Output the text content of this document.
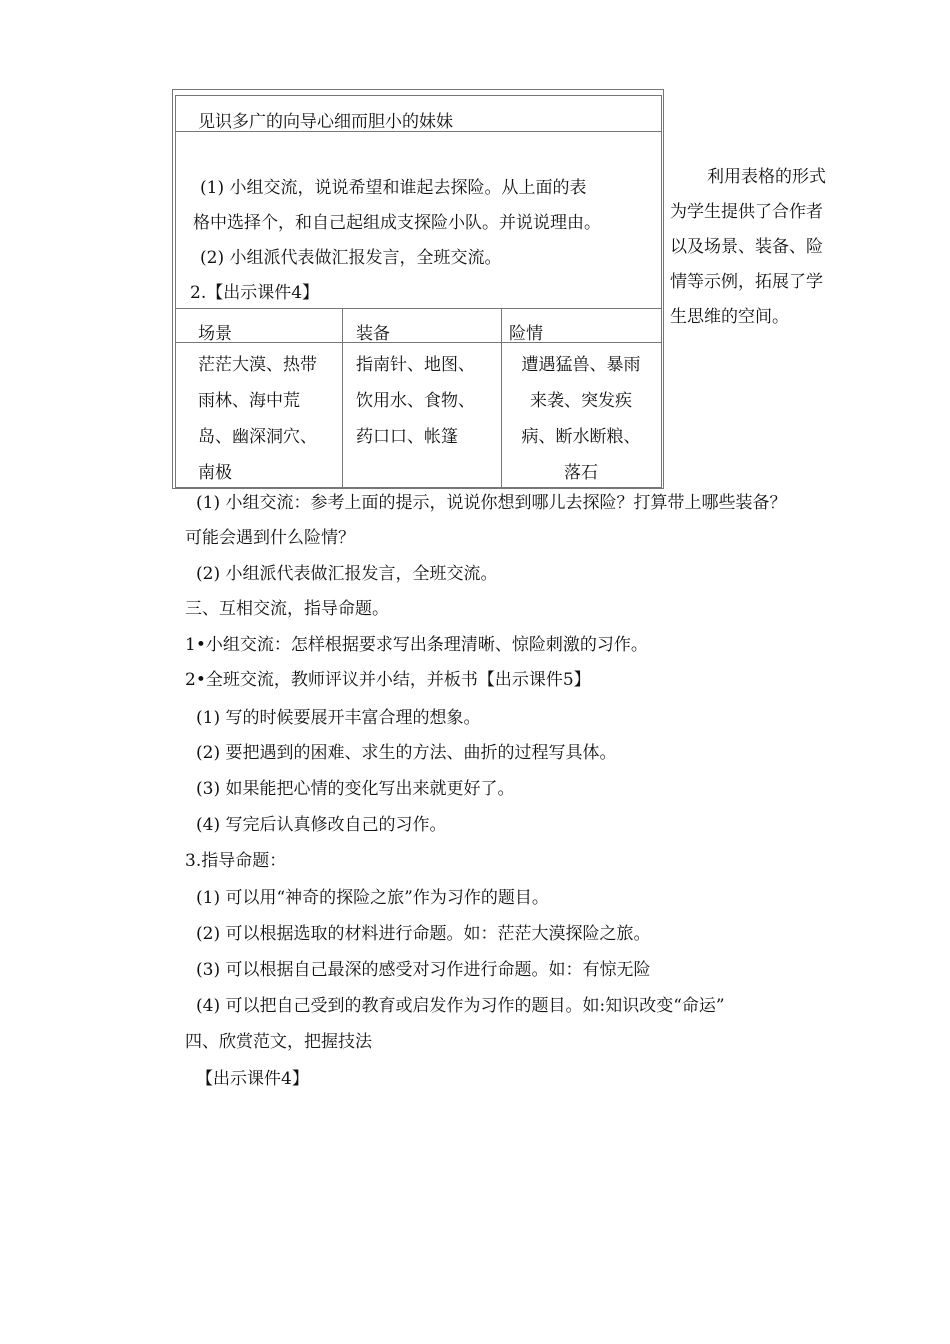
见识多广的向导心细而胆小的妹妹
(1) 小组交流，说说希望和谁起去探险。从上面的表
格中选择个，和自己起组成支探险小队。并说说理由。
(2) 小组派代表做汇报发言，全班交流。
2.【出示课件4】
场景	装备	险情
茫茫大漠、热带
雨林、海中荒
岛、幽深洞穴、
南极
指南针、地图、
饮用水、食物、
药口口、帐篷
遭遇猛兽、暴雨
来袭、突发疾
病、断水断粮、
落石
利用表格的形式
为学生提供了合作者
以及场景、装备、险
情等示例，拓展了学
生思维的空间。
(1) 小组交流：参考上面的提示，说说你想到哪儿去探险？打算带上哪些装备？
可能会遇到什么险情？
(2) 小组派代表做汇报发言，全班交流。
三、互相交流，指导命题。
1•小组交流：怎样根据要求写出条理清晰、惊险刺激的习作。
2•全班交流，教师评议并小结，并板书【出示课件5】
(1) 写的时候要展开丰富合理的想象。
(2) 要把遇到的困难、求生的方法、曲折的过程写具体。
(3) 如果能把心情的变化写出来就更好了。
(4) 写完后认真修改自己的习作。
3.指导命题：
(1) 可以用“神奇的探险之旅”作为习作的题目。
(2) 可以根据选取的材料进行命题。如：茫茫大漠探险之旅。
(3) 可以根据自己最深的感受对习作进行命题。如：有惊无险
(4) 可以把自己受到的教育或启发作为习作的题目。如:知识改变“命运”
四、欣赏范文，把握技法
【出示课件4】
